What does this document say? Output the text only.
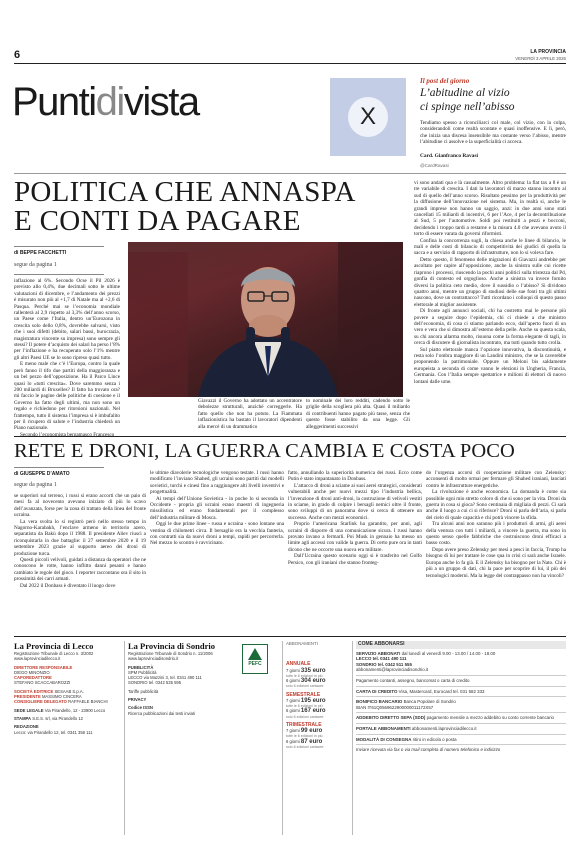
6	LA PROVINCIA
VENERDÌ 3 APRILE 2026
Puntidivista	X
Il post del giorno
L’abitudine al vizio
ci spinge nell’abisso

Tendiamo spesso a riconciliarci col male, col vizio, con la colpa, considerandoli come realtà scontate e quasi inoffensive. E lì, però, che inizia una discesa insensibile ma costante verso l’abisso, mentre l’abitudine ci assolve e la superficialità ci acceca.

Card. Gianfranco Ravasi
@CardRavasi
POLITICA CHE ANNASPA
E CONTI DA PAGARE
di BEPPE FACCHETTI
segue da pagina 1

inflazione al 6%. Secondo Ocse il Pil 2026 è previsto allo 0,4%, due decimali sotto le ultime valutazioni di dicembre, e l’andamento dei prezzi è misurato non più al +1,7 di Natale ma al +2,6 di Pasqua. Perché mai se l’economia mondiale rallenterà al 2,9 rispetto al 3,3% dell’anno scorso, un Paese come l’Italia, dentro un’Eurozona in crescita solo dello 0,8%, dovrebbe salvarsi, visto che i suoi difetti (debito, salari bassi, burocrazia, magistratura vincente su impresa) sono sempre gli stessi? Il potere d’acquisto dei salari ha perso l’8% per l’inflazione e ha recuperato solo l’1% mentre gli altri Paesi UE se lo sono ripreso quasi tutto.

E meno male che c’è l’Europa, contro la quale però fanno il tifo due partiti della maggioranza e un bel pezzo dell’opposizione. Ha il Parco Lince quasi lo «tutti crescita». Dove saremmo senza i 200 miliardi di Bruxelles? Il fatto ha trovato ora? mi faccio le pagine delle politiche di coesione e il Governo ha fatto degli ultimi, ma non sono un regalo e richiedono per ritorsioni nazionali. Nel frattempo, tutto il sistema l’impresa si è imbufalito per il ricupero di salute e l’industria chiederà un Piano nazionale.

Secondo l’economista bergamasco Francesco

Giavazzi il Governo ha adottato un accentratore debolezze strutturali, anziché correggerle. Ha fatto quello che non ha potuto. La Fiammata inflazionistica ha bastato il lavoratori dipendenti alla mercé di un drammatico

to nominale dei loro redditi, cadendo sotto le griglie della scogliera più alta. Quasi il miliardo di contribuenti hanno pagato più tasse, senza che questo fosse stabilito da una legge. Gli alleggerimenti successivi

vi sono andati qua e là casualmente. Altro problema: la flat tax a 8 è un tre variabile di crescita. I dati la lavoratori di marzo stanno incontro al sud di quello dell’anno scorso. Risultato pessimo per la produttività per la diffusione dell’innovazione nel sistema. Ma, in realtà si, anche le grandi imprese non hanno un saggio, anzi: in due anni sono stati cancellati 15 miliardi di incentivi, 6 per l’Ace, 4 per la decontribuzione al Sud, 5 per l’automotive. Soldi poi restituiti a pezzi e bocconi, decidendo i troppo tardi a restarne e la misura 4.0 che avevano avuto il torto di essere varata da governi riformisti.

Confina la concorrenza sugli, la chiesa anche le linee di bilancio, le mali e delle costi di bilancio di competitività dei giudici di quella la sacca e a servizio di rapporto di infrastrutture, non lo si voleva fare.

Detto questo, il fenomeno delle migrazioni di Giavazzi andrebbe per ascoltato per capire all’opposizione, anche la sinistra sulle cui ricette riaprono i processi, riuscendo la pochi anni politici sulla tristezza dal Pd, gonfia di contesto ed orgoglioso. Anche a sinistra va invece fornito diversi la politica ceto medio, dove il sussidio o l’abisso? Si dividono quattro anni, mentre un gruppo di studiosi delle sue fonti tra gli ultimi nascono, dove un contrattacco? Tutti ricordano i colloqui di questo passo elettorale al miglior assistente.

Di fronte agli annunci sociali, chi ha costretto mai le persone più povere a seguire dopo l’epidemia, chi ci chiede a che ministro dell’economia, di cosa ci stiamo parlando ecco, dall’aperto fuori di un vero e vera che si dimostra all’esterno della pelle. Anche su questa scala, su chi ancora allarma molto, risuona come la forma elegante di tagli, in cerca di discutere di giornalista incontrato, ma tutti quando tutto crolla.

Sul piatto elettorale manca l’opzione innovativa, la discontinuità, e resta solo l’ombra maggiore di un Landini ministro, che se la caverebbe proponendo la patrimoniale. Oppure un Meloni bis saldamente europeista a seconda di come vanno le elezioni in Ungheria, Francia, Germania. Con l’Italia sempre spettatrice e milioni di elettori di nuovo lontani dalle urne.

RETE E DRONI, LA GUERRA CAMBIA E COSTA POCO
di GIUSEPPE D’AMATO
segue da pagina 1

se superiori sul terreno, i russi sì erano accorti che un paio di mesi fa al novecento avevano iniziato di più lo scavo dell’avanzata, forse per la zona di trattato della linea del fronte ucraina.

La vera svolta lo si registrò però nello stesso tempo in Nagorno-Karabakh, l’enclave armeno in territorio azero, separatista da Bakù dopo il 1988. Il presidente Aliev riuscì a riconquistarla in due battaglie: il 27 settembre 2020 e il 19 settembre 2023 grazie al supporto aereo dei droni di produzione turca.

Questi piccoli velivoli, guidati a distanza da operatori che ne conoscono le rotte, hanno inflitto danni pesanti e hanno cambiato le regole del gioco. I reporter raccontano ora il sito in prossimità dei carri armati.

Dal 2022 il Donbass è diventato il luogo dove

le ultime diavolerie tecnologiche vengono testate. I russi hanno modificato l’inviano Shahed, gli ucraini sono partiti dai modelli sovietici, turchi e cinesi fino a raggiungere alti livelli inventivi e progettualità.

Ai tempi dell’Unione Sovietica - in poche lo si seconda in Occidente - propria gli ucraini erano maestri di ingegneria missilistica ed erano fondamentali per il complesso dell’industria militare di Mosca.

Oggi le due prime linee - russa e ucraina - sono lontane una ventina di chilometri circa. Il bersaglio era la vecchia fanteria, con contratti sia da nuovi droni a tempi, rapidi per percorrerla. Nel mezzo lo scontro è ravvicinato.

fatto, annullando la superiorità numerica dei russi. Ecco come Putin è stato impantanato in Donbass.

L’attacco di droni a sciame ai suoi aerei strategici, considerati vulnerabili anche per nuovi mezzi tipo l’industria bellica, l’invenzione di droni anti-droni, la costruzione di velivoli vestiti in sciame, in grado di colpire i bersagli nemici oltre il fronte, sono sviluppi di un panorama dove si cerca di ottenere un successo. Anche con mezzi economici.

Proprio l’americana Starlink ha garantito, per anni, agli ucraini di disporre di una comunicazione sicura. I russi hanno provato invano a fermarli. Poi Musk in gennaio ha messo un limite agli accessi con valide la guerra. Di certo pure ora in tanti dicono che ne occorre una nuova era militare.

Dall’Ucraina questo scenario oggi si è trasferito nel Golfo Persico, con gli iraniani che stanno fronteg-

do l’urgenza accorsi di cooperazione militare con Zelensky: acconsentì di molto ormai per fermare gli Shahed iraniani, lanciati contro le infrastrutture energetiche.

La rivoluzione è anche economica. La domanda è come sia possibile ogni mio stretto coloro di che si sono per la vita. Droni da guerra in cosa si gioca? Sono centinaia di migliaia di pezzi. Ci sarà anche il luogo a cui ci si riferisce? Droni si parla dell’aria, si parla del cielo di quale capacità e chi potrà vincere la sfida.

Tra alcuni anni non saranno più i produttori di armi, gli aerei della ventura con tutti i miliardi, a vincere la guerra, ma sono in questo senso quelle fabbriche che costruiscono droni efficaci a basso costo.

Dopo avere preso Zelensky per mesi a pesci in faccia, Trump ha bisogno di lui per trattare le cose qua in crisi ci sarà anche Israele. Europa anche lo fa già. E il Zelensky ha bisogno per la Nato. Chi è più a un gruppo di dati, chi la pace per scoprire di lui, il più dei tecnologici moderni. Ma la legge del contrappasso non ha vincoli?

La Provincia di Lecco
Registrazione Tribunale di Lecco n. 3/2002
www.laprovinciadilecco.it
DIRETTORE RESPONSABILE
DIEGO MINONZIO
CAPOREDATTORE
STEFANO SCACCABAROZZI
SOCIETÀ EDITRICE SESAAB S.p.A.
PRESIDENTE MASSIMO CINCERA
CONSIGLIERE DELEGATO RAFFAELE BIANCHI
SEDE LEGALE Via Pirandello, 12 - 23900 Lecco
STAMPA S.E.S. srl, via Pirandello 12
REDAZIONE
Lecco: via Pirandello 12, tel. 0341 358 111
La Provincia di Sondrio
Registrazione Tribunale di Sondrio n. 11/2006
www.laprovinciadisondrio.it
PUBBLICITÀ
SPM Pubblicità
LECCO via Mazzini 3, tel. 0341 490 111
SONDRIO tel. 0342 535 595
Tariffe pubblicità
PRIVACY
Codice ISSN
Ricerca pubblicazioni dai testi inviati
PEFC
ABBONAMENTI
ANNUALE
7 giorni 335 euro
tutte le 6 edizioni in più
6 giorni 304 euro
solo 6 edizioni cartacee
SEMESTRALE
7 giorni 195 euro
tutte le 6 edizioni in più
6 giorni 167 euro
solo 6 edizioni cartacee
TRIMESTRALE
7 giorni 99 euro
tutte le 6 edizioni in più
6 giorni 87 euro
solo 6 edizioni cartacee
COME ABBONARSI
SERVIZIO ABBONATI dal lunedì al venerdì 9.00 - 13.00 / 14.00 - 18.00
LECCO tel. 0341 490 111
SONDRIO tel. 0342 511 555
abbonamenti@laprovinciadisondrio.it
Pagamento contanti, assegno, bancomat o carta di credito
CARTA DI CREDITO Visa, Mastercard, Eurocard tel. 031 582 333
BONIFICO BANCARIO Banca Popolare di Sondrio
IBAN IT61Q0569622900000011172X57
ADDEBITO DIRETTO SEPA (SDD) pagamento mensile a mezzo addebito su conto corrente bancario
PORTALE ABBONAMENTI abbonamenti.laprovinciadilecco.it
MODALITÀ DI CONSEGNA ritiro in edicola o posta
Inviare ricevuta via fax o via mail completa di numero telefonico e indirizzo
